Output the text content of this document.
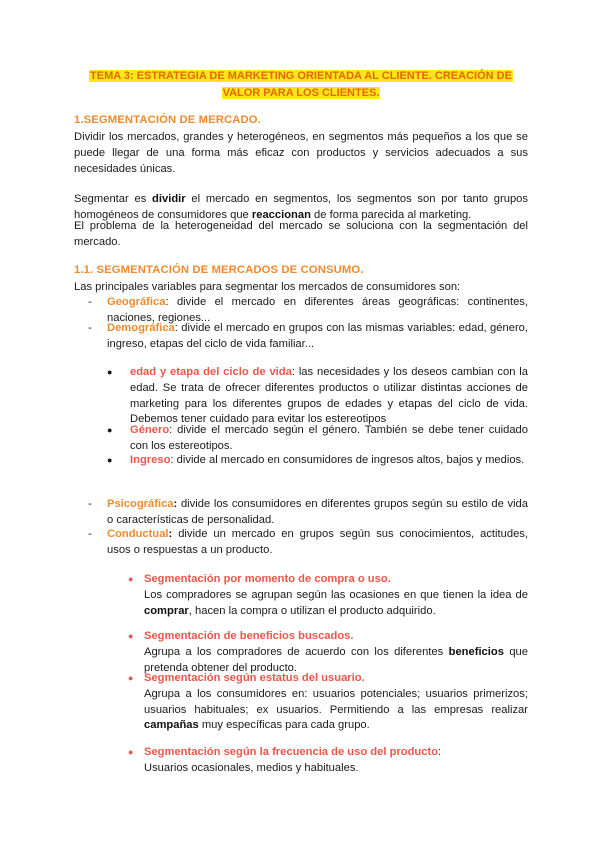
TEMA 3: ESTRATEGIA DE MARKETING ORIENTADA AL CLIENTE. CREACIÓN DE
VALOR PARA LOS CLIENTES.
1.SEGMENTACIÓN DE MERCADO.

Dividir los mercados, grandes y heterogéneos, en segmentos más pequeños a los que se puede llegar de una forma más eficaz con productos y servicios adecuados a sus necesidades únicas.

Segmentar es dividir el mercado en segmentos, los segmentos son por tanto grupos homogéneos de consumidores que reaccionan de forma parecida al marketing.

El problema de la heterogeneidad del mercado se soluciona con la segmentación del mercado.

1.1. SEGMENTACIÓN DE MERCADOS DE CONSUMO.

Las principales variables para segmentar los mercados de consumidores son:

- Geográfica: divide el mercado en diferentes áreas geográficas: continentes, naciones, regiones...
- Demográfica: divide el mercado en grupos con las mismas variables: edad, género, ingreso, etapas del ciclo de vida familiar...
● edad y etapa del ciclo de vida: las necesidades y los deseos cambian con la edad. Se trata de ofrecer diferentes productos o utilizar distintas acciones de marketing para los diferentes grupos de edades y etapas del ciclo de vida. Debemos tener cuidado para evitar los estereotipos
● Género: divide el mercado según el género. También se debe tener cuidado con los estereotipos.
● Ingreso: divide al mercado en consumidores de ingresos altos, bajos y medios.
- Psicográfica: divide los consumidores en diferentes grupos según su estilo de vida o características de personalidad.
- Conductual: divide un mercado en grupos según sus conocimientos, actitudes, usos o respuestas a un producto.
● Segmentación por momento de compra o uso.
Los compradores se agrupan según las ocasiones en que tienen la idea de comprar, hacen la compra o utilizan el producto adquirido.
● Segmentación de beneficios buscados.
Agrupa a los compradores de acuerdo con los diferentes beneficios que pretenda obtener del producto.
● Segmentación según estatus del usuario.
Agrupa a los consumidores en: usuarios potenciales; usuarios primerizos; usuarios habituales; ex usuarios. Permitiendo a las empresas realizar campañas muy específicas para cada grupo.
● Segmentación según la frecuencia de uso del producto:
Usuarios ocasionales, medios y habituales.
